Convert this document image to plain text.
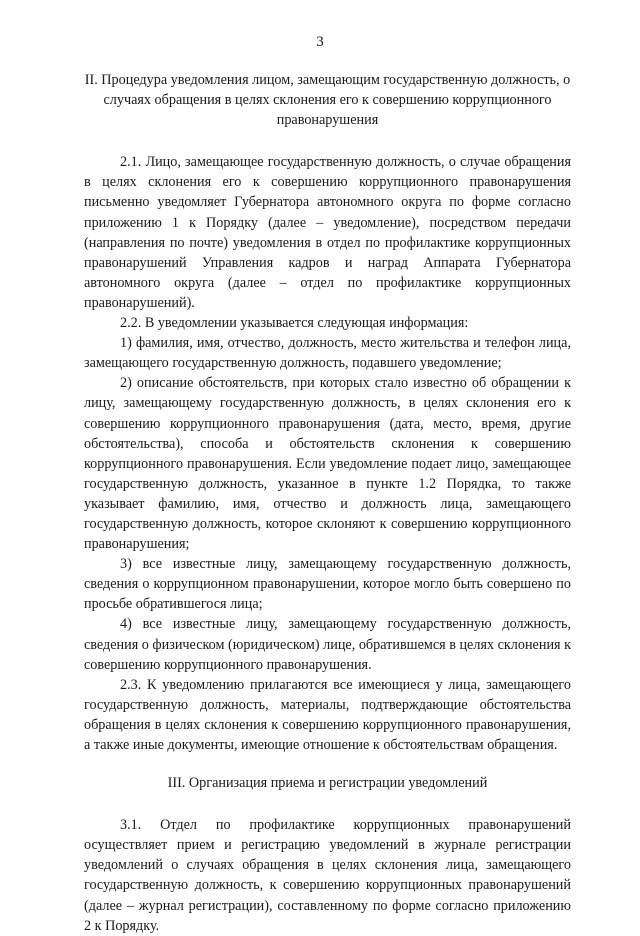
3

II. Процедура уведомления лицом, замещающим государственную должность, о случаях обращения в целях склонения его к совершению коррупционного правонарушения

2.1. Лицо, замещающее государственную должность, о случае обращения в целях склонения его к совершению коррупционного правонарушения письменно уведомляет Губернатора автономного округа по форме согласно приложению 1 к Порядку (далее – уведомление), посредством передачи (направления по почте) уведомления в отдел по профилактике коррупционных правонарушений Управления кадров и наград Аппарата Губернатора автономного округа (далее – отдел по профилактике коррупционных правонарушений).

2.2. В уведомлении указывается следующая информация:

1) фамилия, имя, отчество, должность, место жительства и телефон лица, замещающего государственную должность, подавшего уведомление;

2) описание обстоятельств, при которых стало известно об обращении к лицу, замещающему государственную должность, в целях склонения его к совершению коррупционного правонарушения (дата, место, время, другие обстоятельства), способа и обстоятельств склонения к совершению коррупционного правонарушения. Если уведомление подает лицо, замещающее государственную должность, указанное в пункте 1.2 Порядка, то также указывает фамилию, имя, отчество и должность лица, замещающего государственную должность, которое склоняют к совершению коррупционного правонарушения;

3) все известные лицу, замещающему государственную должность, сведения о коррупционном правонарушении, которое могло быть совершено по просьбе обратившегося лица;

4) все известные лицу, замещающему государственную должность, сведения о физическом (юридическом) лице, обратившемся в целях склонения к совершению коррупционного правонарушения.

2.3. К уведомлению прилагаются все имеющиеся у лица, замещающего государственную должность, материалы, подтверждающие обстоятельства обращения в целях склонения к совершению коррупционного правонарушения, а также иные документы, имеющие отношение к обстоятельствам обращения.

III. Организация приема и регистрации уведомлений

3.1. Отдел по профилактике коррупционных правонарушений осуществляет прием и регистрацию уведомлений в журнале регистрации уведомлений о случаях обращения в целях склонения лица, замещающего государственную должность, к совершению коррупционных правонарушений (далее – журнал регистрации), составленному по форме согласно приложению 2 к Порядку.
